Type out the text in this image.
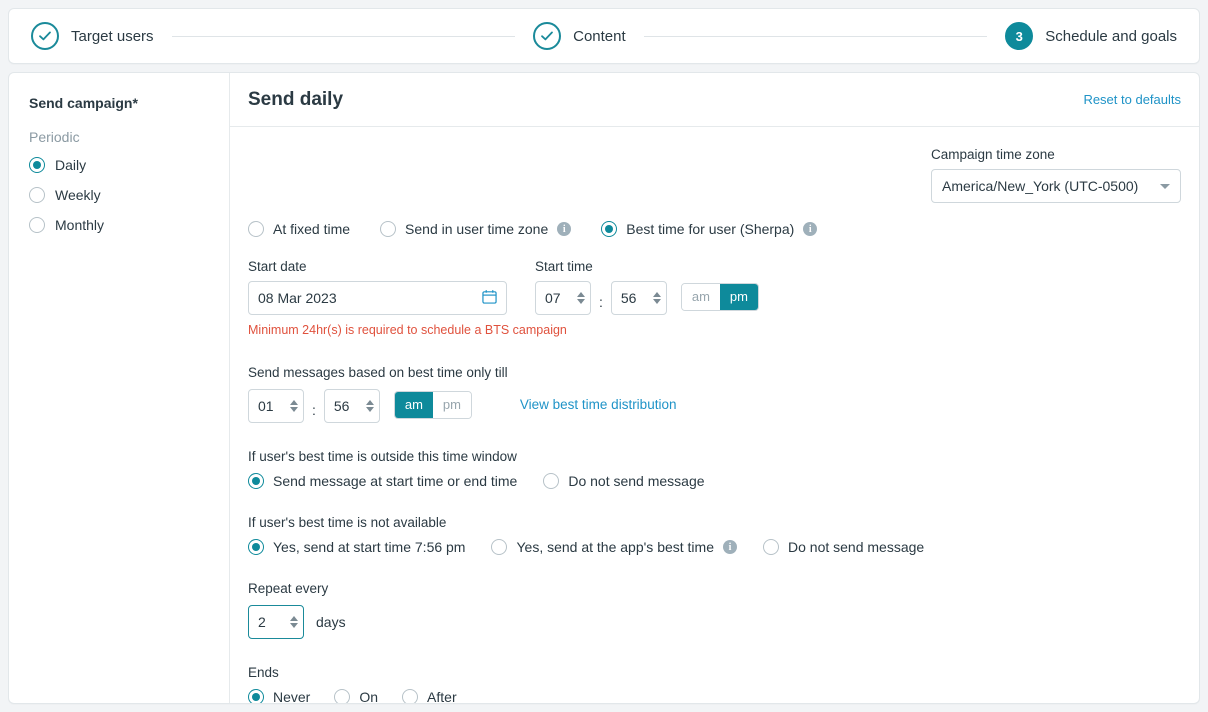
Target users	Content	3	Schedule and goals
Send campaign*
Periodic
Daily
Weekly
Monthly
Send daily	Reset to defaults
Campaign time zone
America/New_York (UTC-0500)
At fixed time	Send in user time zone	i	Best time for user (Sherpa)	i
Start date
08 Mar 2023
Start time
07	:	56	am	pm
Minimum 24hr(s) is required to schedule a BTS campaign
Send messages based on best time only till
01	:	56	am	pm	View best time distribution
If user's best time is outside this time window
Send message at start time or end time	Do not send message
If user's best time is not available
Yes, send at start time 7:56 pm	Yes, send at the app's best time	i	Do not send message
Repeat every
2	days
Ends
Never	On	After
